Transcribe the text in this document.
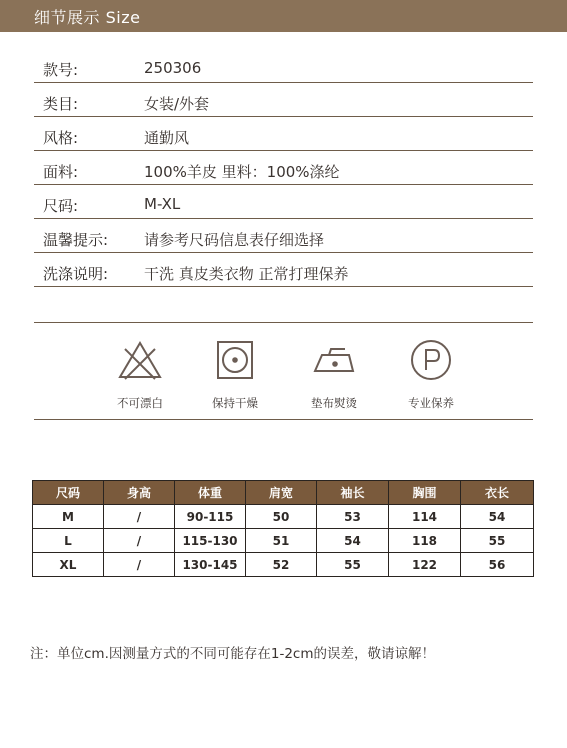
细节展示 Size
款号:	250306
类目:	女装/外套
风格:	通勤风
面料:	100%羊皮 里料：100%涤纶
尺码:	M-XL
温馨提示: 请参考尺码信息表仔细选择
洗涤说明: 干洗 真皮类衣物 正常打理保养
不可漂白	保持干燥	垫布熨烫	专业保养
尺码	身高	体重	肩宽	袖长	胸围	衣长
M	/	90-115	50	53	114	54
L	/	115-130	51	54	118	55
XL	/	130-145	52	55	122	56
注：单位cm.因测量方式的不同可能存在1-2cm的误差，敬请谅解！
